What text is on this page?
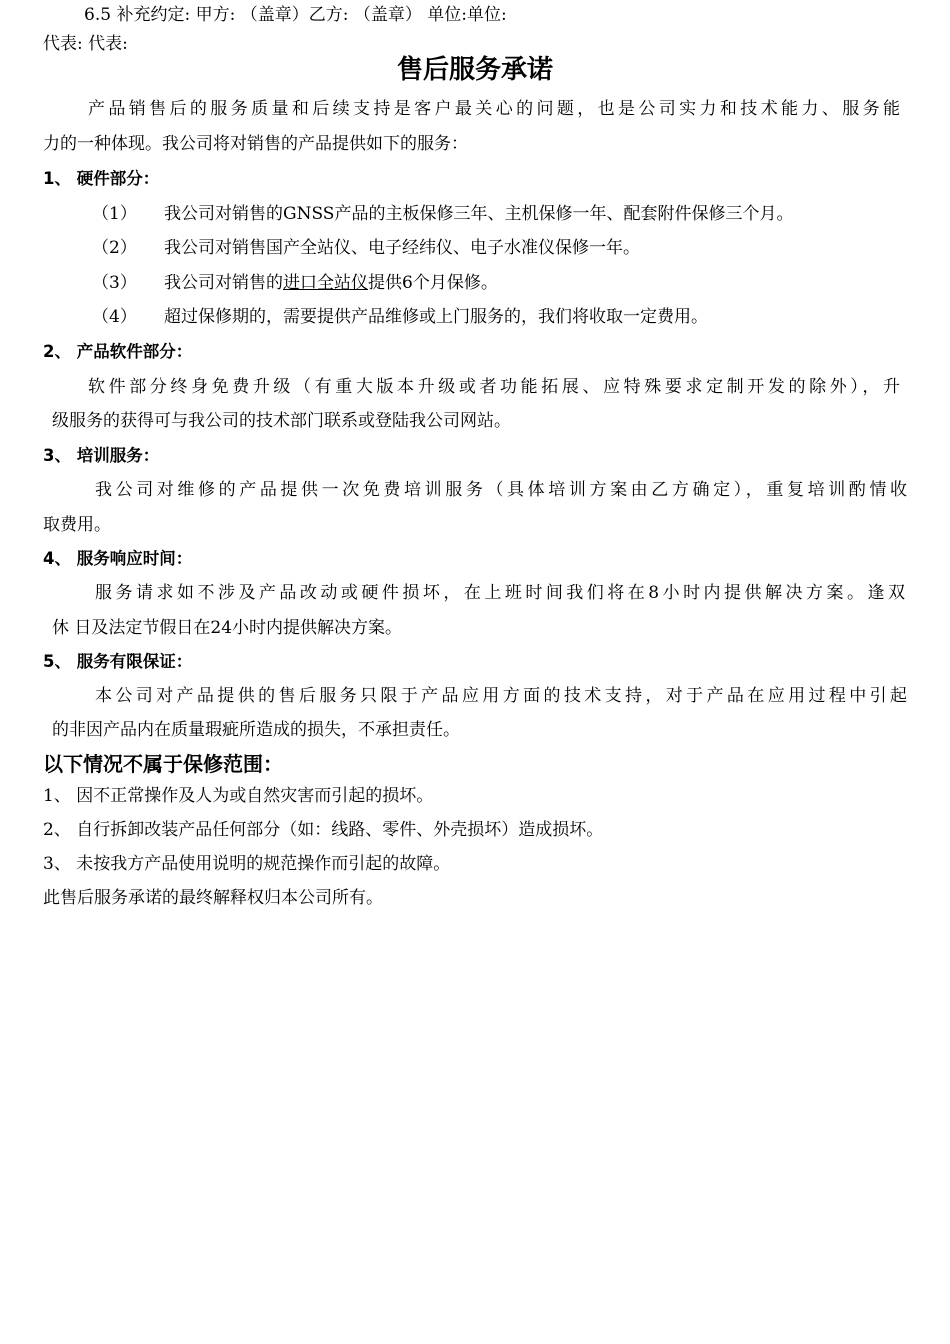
6.5 补充约定: 甲方: （盖章）乙方: （盖章） 单位:单位:
代表: 代表:
售后服务承诺
产品销售后的服务质量和后续支持是客户最关心的问题，也是公司实力和技术能力、服务能
力的一种体现。我公司将对销售的产品提供如下的服务：
1、 硬件部分：
（1） 我公司对销售的GNSS产品的主板保修三年、主机保修一年、配套附件保修三个月。
（2） 我公司对销售国产全站仪、电子经纬仪、电子水准仪保修一年。
（3） 我公司对销售的进口全站仪提供6个月保修。
（4） 超过保修期的，需要提供产品维修或上门服务的，我们将收取一定费用。
2、 产品软件部分：
软件部分终身免费升级（有重大版本升级或者功能拓展、应特殊要求定制开发的除外），升
级服务的获得可与我公司的技术部门联系或登陆我公司网站。
3、 培训服务：
我公司对维修的产品提供一次免费培训服务（具体培训方案由乙方确定），重复培训酌情收
取费用。
4、 服务响应时间：
服务请求如不涉及产品改动或硬件损坏，在上班时间我们将在8小时内提供解决方案。逢双
休 日及法定节假日在24小时内提供解决方案。
5、 服务有限保证：
本公司对产品提供的售后服务只限于产品应用方面的技术支持，对于产品在应用过程中引起
的非因产品内在质量瑕疵所造成的损失，不承担责任。
以下情况不属于保修范围：
1、 因不正常操作及人为或自然灾害而引起的损坏。
2、 自行拆卸改装产品任何部分（如：线路、零件、外壳损坏）造成损坏。
3、 未按我方产品使用说明的规范操作而引起的故障。
此售后服务承诺的最终解释权归本公司所有。
